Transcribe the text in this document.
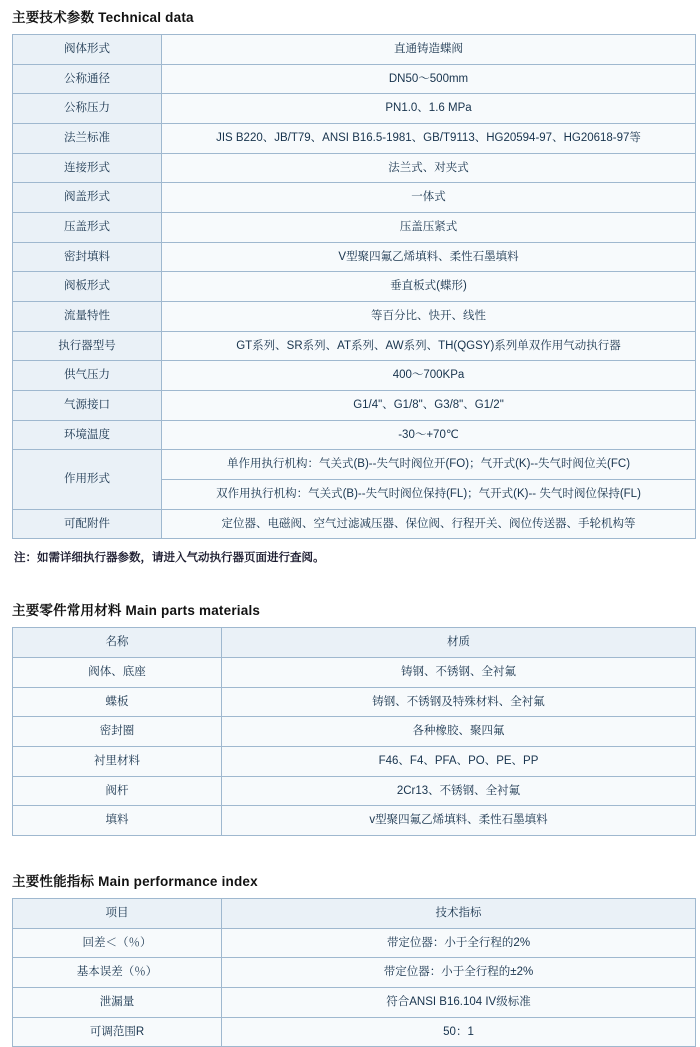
主要技术参数 Technical data
阀体形式	直通铸造蝶阀
公称通径	DN50～500mm
公称压力	PN1.0、1.6 MPa
法兰标准	JIS B220、JB/T79、ANSI B16.5-1981、GB/T9113、HG20594-97、HG20618-97等
连接形式	法兰式、对夹式
阀盖形式	一体式
压盖形式	压盖压紧式
密封填料	V型聚四氟乙烯填料、柔性石墨填料
阀板形式	垂直板式(蝶形)
流量特性	等百分比、快开、线性
执行器型号	GT系列、SR系列、AT系列、AW系列、TH(QGSY)系列单双作用气动执行器
供气压力	400～700KPa
气源接口	G1/4"、G1/8"、G3/8"、G1/2"
环境温度	-30～+70℃
作用形式	单作用执行机构：气关式(B)--失气时阀位开(FO)；气开式(K)--失气时阀位关(FC)
	双作用执行机构：气关式(B)--失气时阀位保持(FL)；气开式(K)-- 失气时阀位保持(FL)
可配附件	定位器、电磁阀、空气过滤减压器、保位阀、行程开关、阀位传送器、手轮机构等
注：如需详细执行器参数，请进入气动执行器页面进行查阅。
主要零件常用材料 Main parts materials
名称	材质
阀体、底座	铸钢、不锈钢、全衬氟
蝶板	铸钢、不锈钢及特殊材料、全衬氟
密封圈	各种橡胶、聚四氟
衬里材料	F46、F4、PFA、PO、PE、PP
阀杆	2Cr13、不锈钢、全衬氟
填料	v型聚四氟乙烯填料、柔性石墨填料
主要性能指标 Main performance index
项目	技术指标
回差＜（％）	带定位器：小于全行程的2%
基本误差（％）	带定位器：小于全行程的±2%
泄漏量	符合ANSI B16.104 IV级标准
可调范围R	50：1
